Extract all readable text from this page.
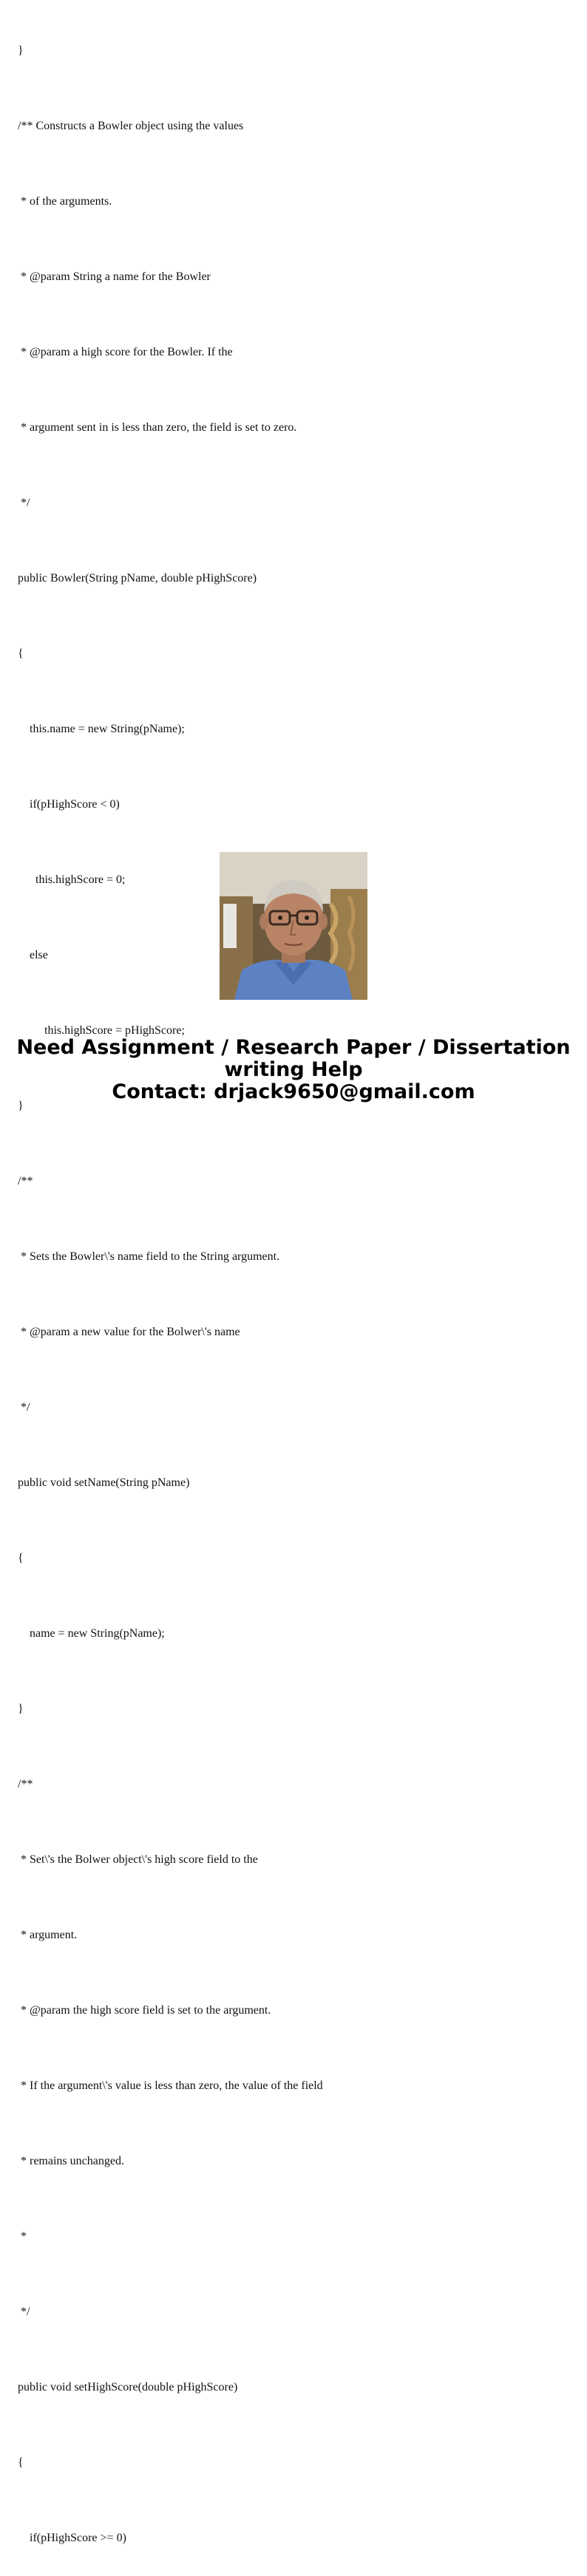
}

/** Constructs a Bowler object using the values

* of the arguments.

* @param String a name for the Bowler

* @param a high score for the Bowler. If the

* argument sent in is less than zero, the field is set to zero.

*/

public Bowler(String pName, double pHighScore)

{

this.name = new String(pName);

if(pHighScore < 0)

this.highScore = 0;

else

this.highScore = pHighScore;

}

/**

* Sets the Bowler\'s name field to the String argument.

* @param a new value for the Bolwer\'s name

*/

public void setName(String pName)

{

name = new String(pName);

}

/**

* Set\'s the Bolwer object\'s high score field to the

* argument.

* @param the high score field is set to the argument.

* If the argument\'s value is less than zero, the value of the field

* remains unchanged.

*

*/

public void setHighScore(double pHighScore)

{

if(pHighScore >= 0)

Need Assignment / Research Paper / Dissertation
writing Help
Contact: drjack9650@gmail.com
